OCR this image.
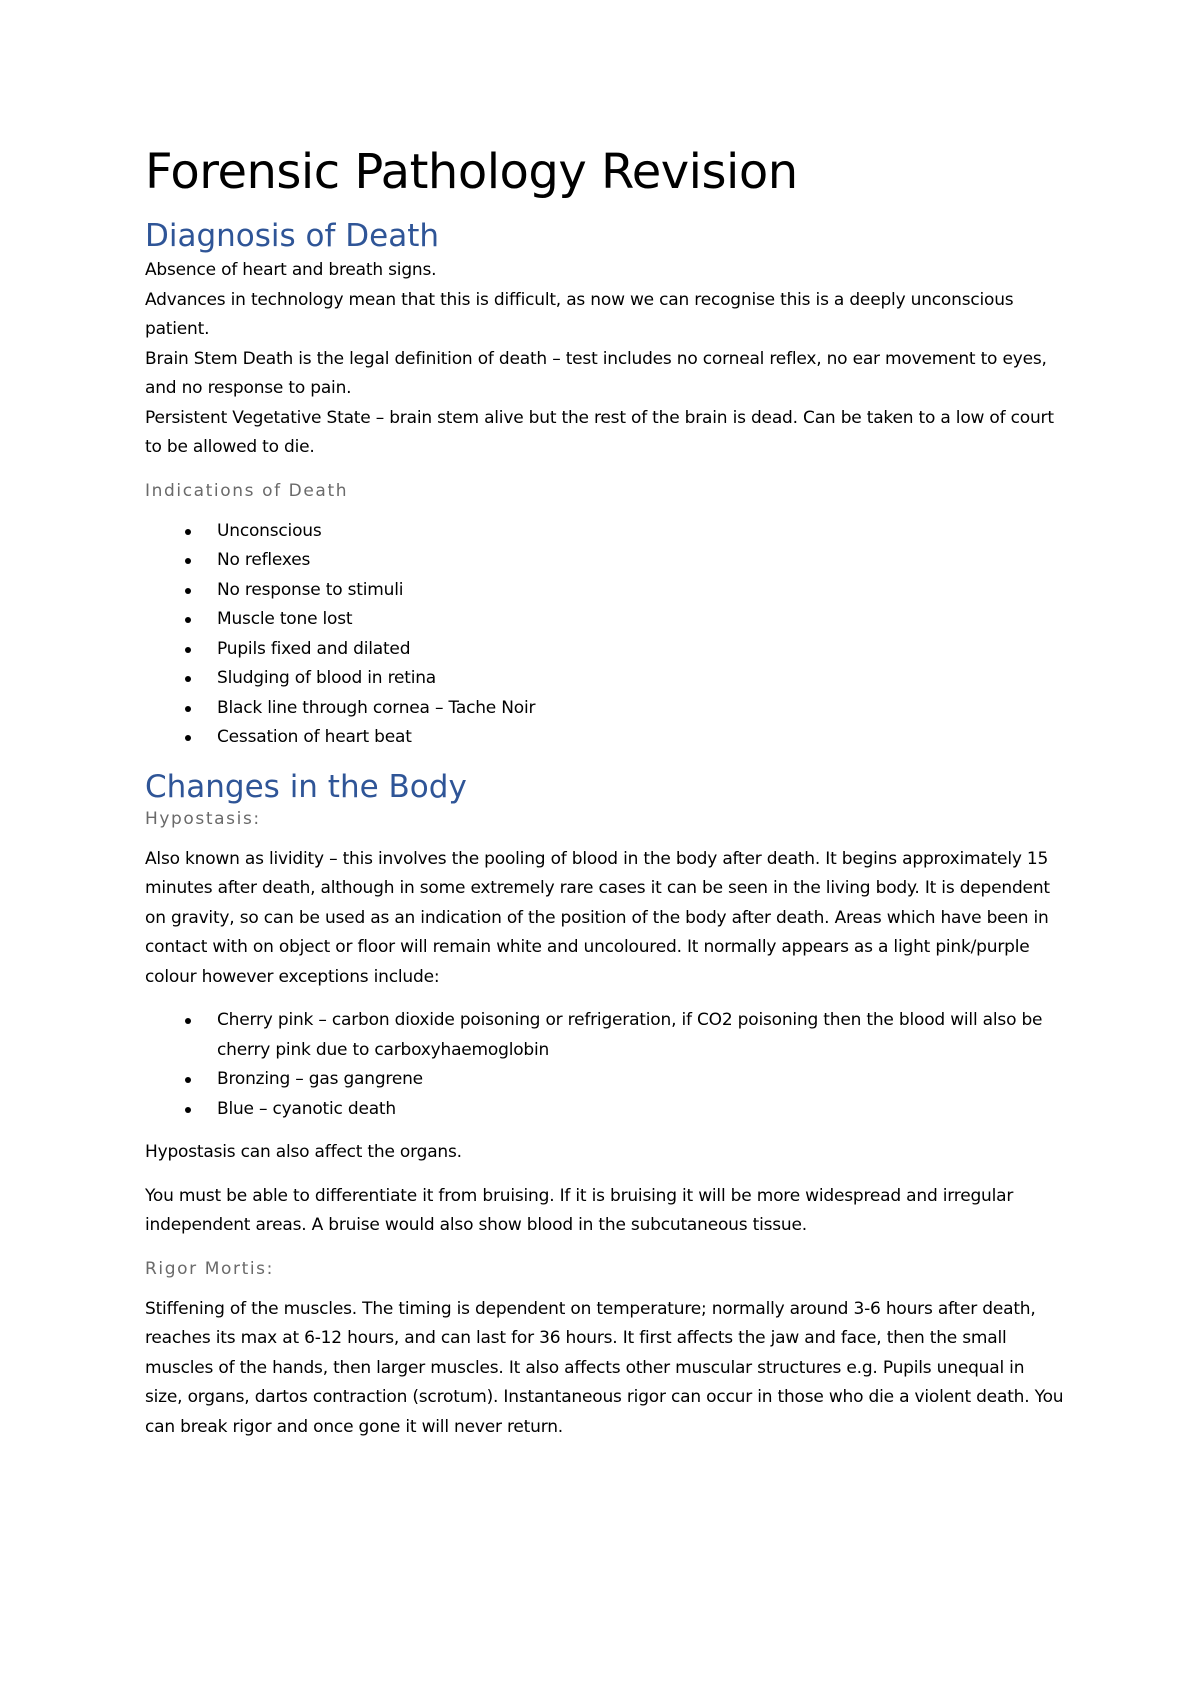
Forensic Pathology Revision
Diagnosis of Death

Absence of heart and breath signs.

Advances in technology mean that this is difficult, as now we can recognise this is a deeply unconscious patient.

Brain Stem Death is the legal definition of death – test includes no corneal reflex, no ear movement to eyes, and no response to pain.

Persistent Vegetative State – brain stem alive but the rest of the brain is dead. Can be taken to a low of court to be allowed to die.

Indications of Death
Unconscious
No reflexes
No response to stimuli
Muscle tone lost
Pupils fixed and dilated
Sludging of blood in retina
Black line through cornea – Tache Noir
Cessation of heart beat
Changes in the Body
Hypostasis:

Also known as lividity – this involves the pooling of blood in the body after death. It begins approximately 15 minutes after death, although in some extremely rare cases it can be seen in the living body. It is dependent on gravity, so can be used as an indication of the position of the body after death. Areas which have been in contact with on object or floor will remain white and uncoloured. It normally appears as a light pink/purple colour however exceptions include:

Cherry pink – carbon dioxide poisoning or refrigeration, if CO2 poisoning then the blood will also be cherry pink due to carboxyhaemoglobin
Bronzing – gas gangrene
Blue – cyanotic death

Hypostasis can also affect the organs.

You must be able to differentiate it from bruising. If it is bruising it will be more widespread and irregular independent areas. A bruise would also show blood in the subcutaneous tissue.

Rigor Mortis:

Stiffening of the muscles. The timing is dependent on temperature; normally around 3-6 hours after death, reaches its max at 6-12 hours, and can last for 36 hours. It first affects the jaw and face, then the small muscles of the hands, then larger muscles. It also affects other muscular structures e.g. Pupils unequal in size, organs, dartos contraction (scrotum). Instantaneous rigor can occur in those who die a violent death. You can break rigor and once gone it will never return.
